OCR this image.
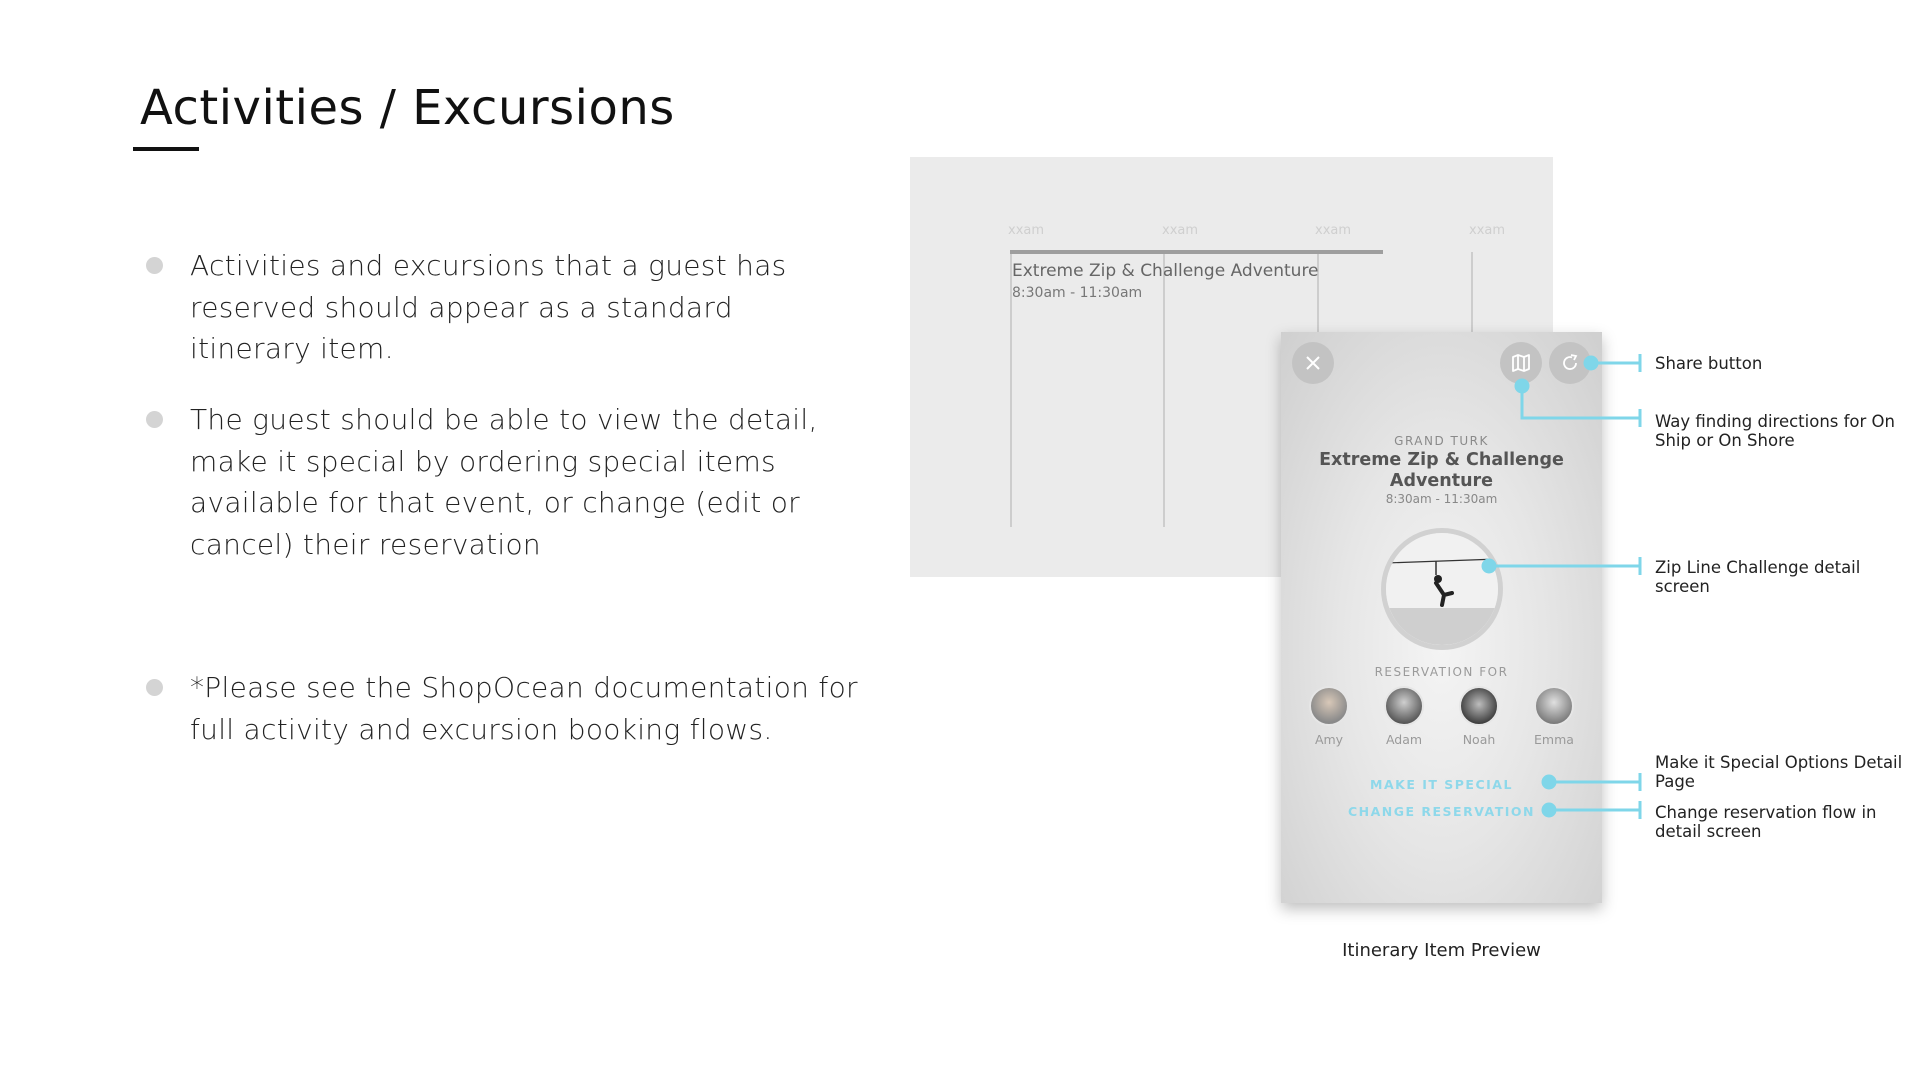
Activities / Excursions
Activities and excursions that a guest has reserved should appear as a standard itinerary item.
The guest should be able to view the detail, make it special by ordering special items available for that event, or change (edit or cancel) their reservation
*Please see the ShopOcean documentation for full activity and excursion booking flows.
xxam	xxam	xxam	xxam
Extreme Zip & Challenge Adventure
8:30am - 11:30am
GRAND TURK
Extreme Zip & Challenge Adventure
8:30am - 11:30am
RESERVATION FOR
Amy	Adam	Noah	Emma
MAKE IT SPECIAL
CHANGE RESERVATION
Itinerary Item Preview
Share button
Way finding directions for On Ship or On Shore
Zip Line Challenge detail screen
Make it Special Options Detail Page
Change reservation flow in detail screen
